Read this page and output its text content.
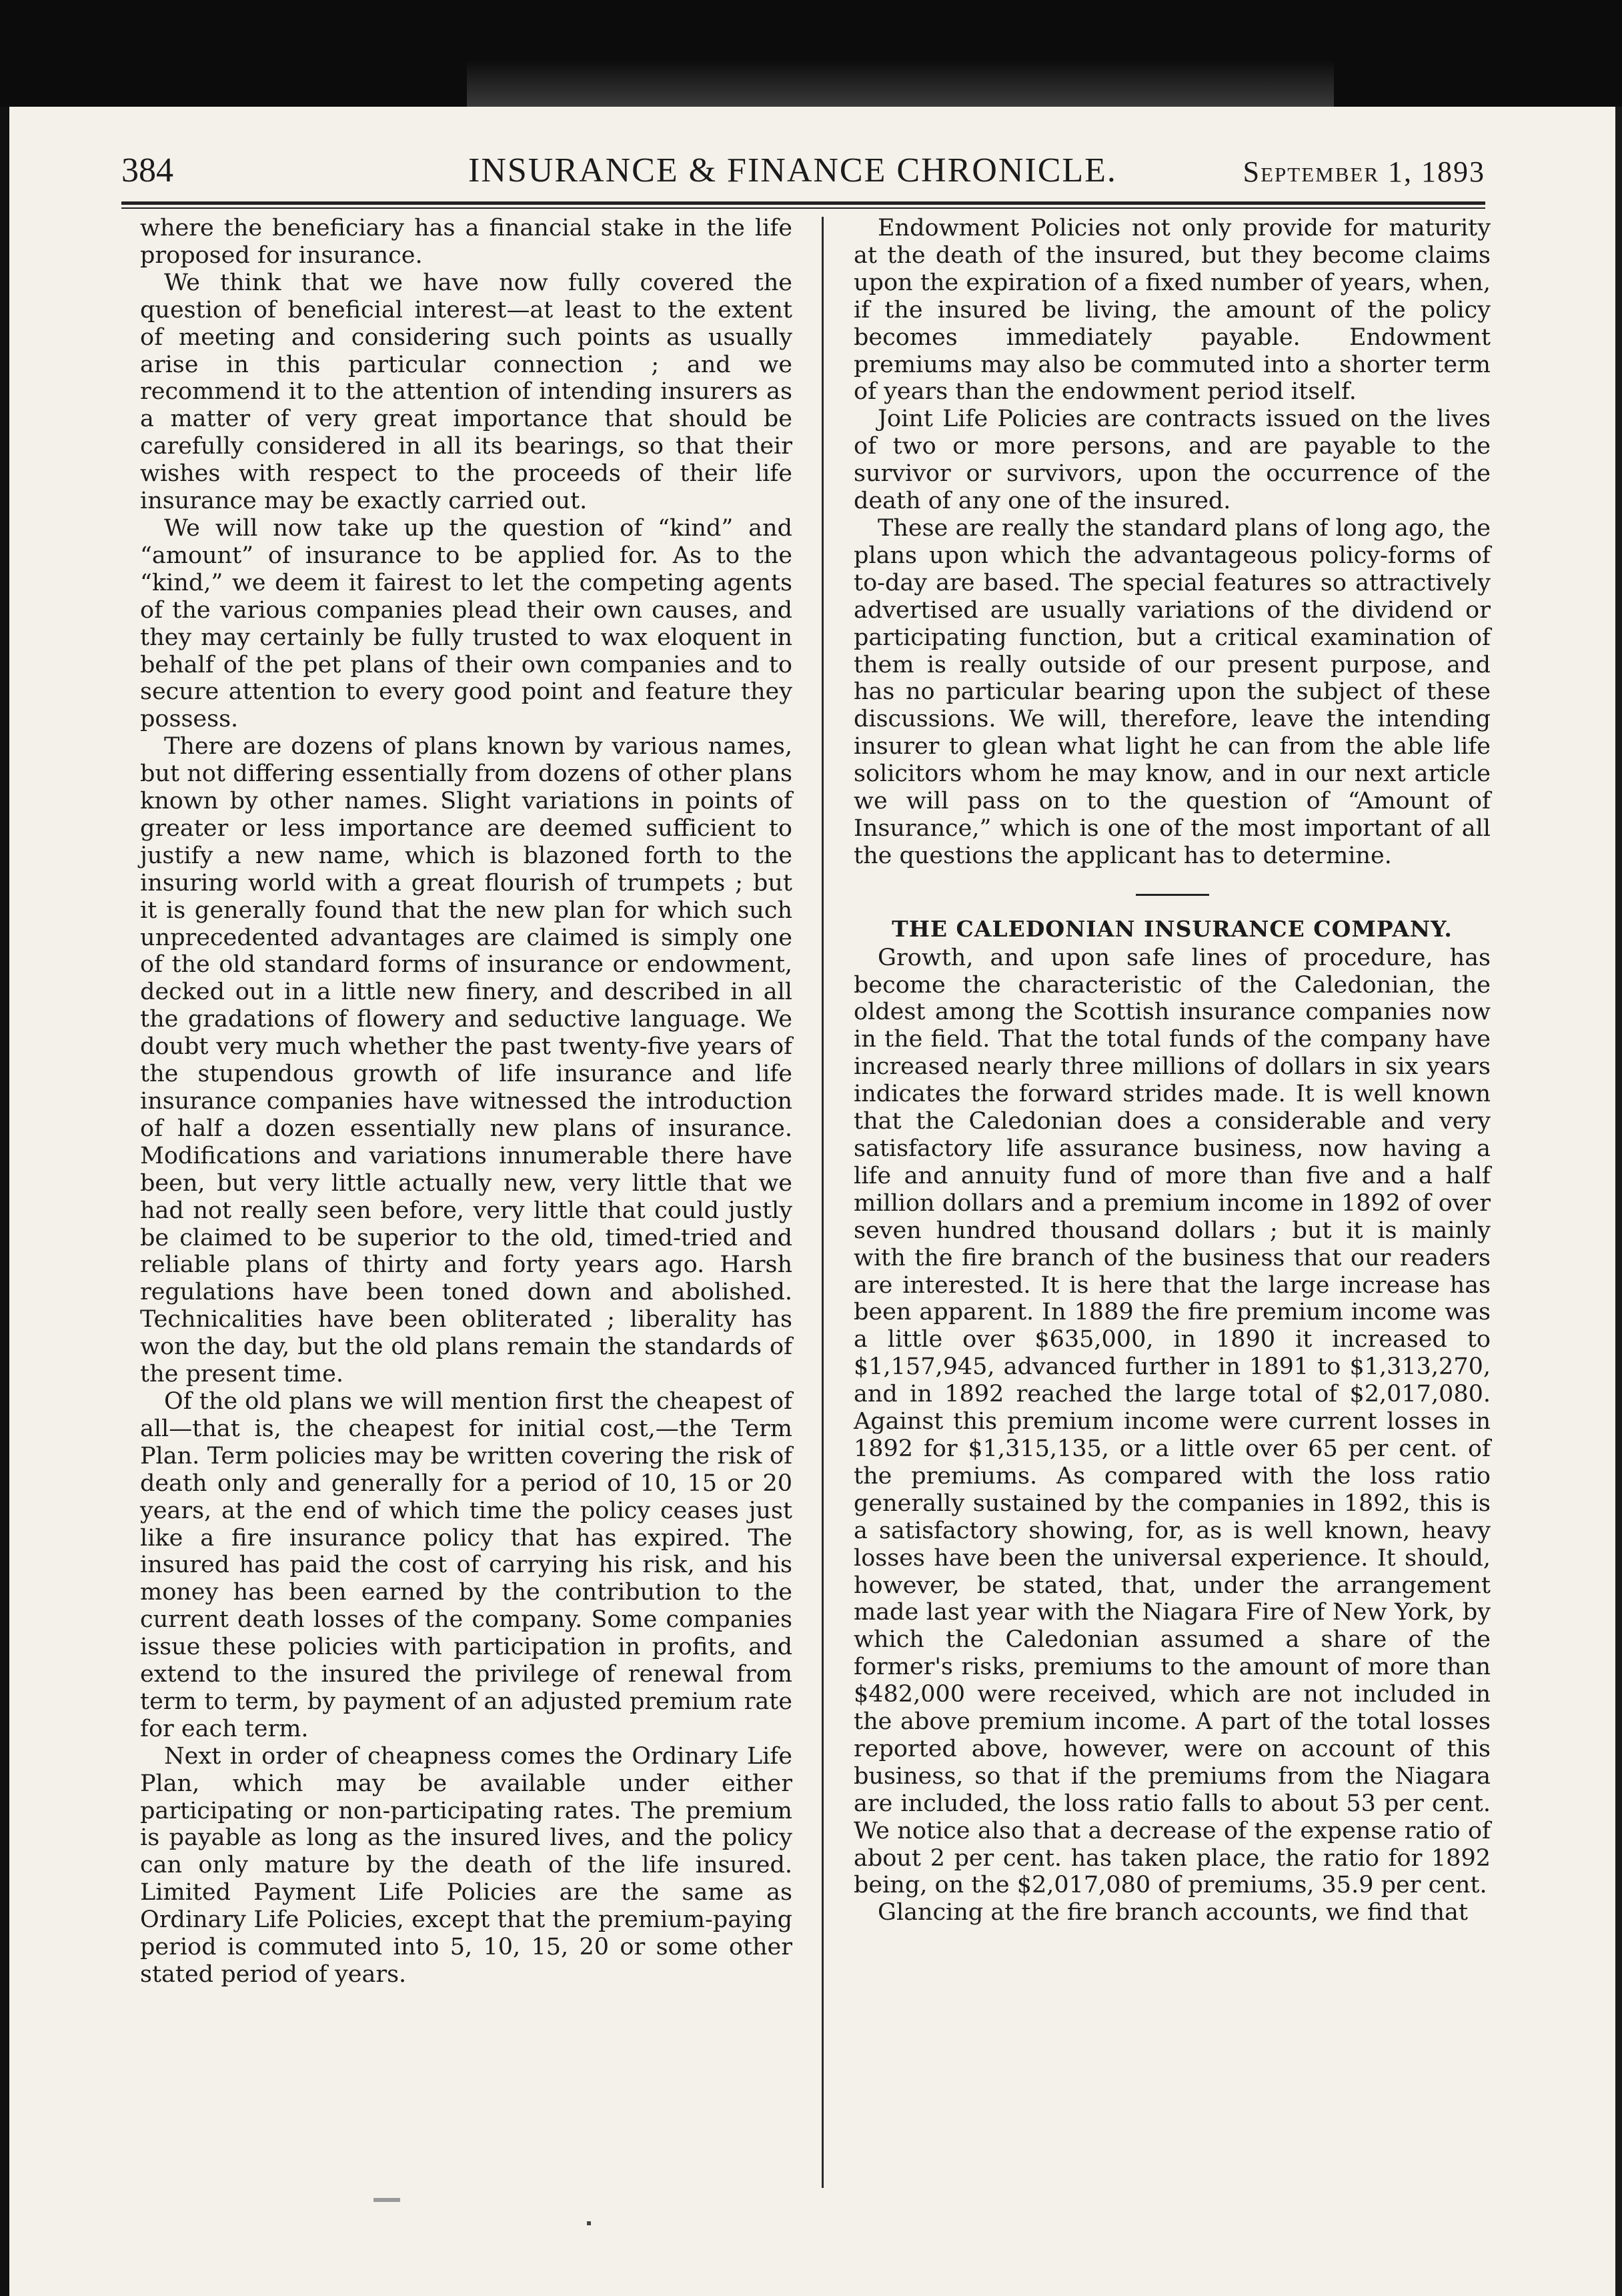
384	INSURANCE & FINANCE CHRONICLE.	September 1, 1893

where the beneficiary has a financial stake in the life proposed for insurance.

We think that we have now fully covered the question of beneficial interest—at least to the extent of meeting and considering such points as usually arise in this particular connection ; and we recommend it to the attention of intending insurers as a matter of very great importance that should be carefully considered in all its bearings, so that their wishes with respect to the proceeds of their life insurance may be exactly carried out.

We will now take up the question of “kind” and “amount” of insurance to be applied for. As to the “kind,” we deem it fairest to let the competing agents of the various companies plead their own causes, and they may certainly be fully trusted to wax eloquent in behalf of the pet plans of their own companies and to secure attention to every good point and feature they possess.

There are dozens of plans known by various names, but not differing essentially from dozens of other plans known by other names. Slight variations in points of greater or less importance are deemed sufficient to justify a new name, which is blazoned forth to the insuring world with a great flourish of trumpets ; but it is generally found that the new plan for which such unprecedented advantages are claimed is simply one of the old standard forms of insurance or endowment, decked out in a little new finery, and described in all the gradations of flowery and seductive language. We doubt very much whether the past twenty-five years of the stupendous growth of life insurance and life insurance companies have witnessed the introduction of half a dozen essentially new plans of insurance. Modifications and variations innumerable there have been, but very little actually new, very little that we had not really seen before, very little that could justly be claimed to be superior to the old, timed-tried and reliable plans of thirty and forty years ago. Harsh regulations have been toned down and abolished. Technicalities have been obliterated ; liberality has won the day, but the old plans remain the standards of the present time.

Of the old plans we will mention first the cheapest of all—that is, the cheapest for initial cost,—the Term Plan. Term policies may be written covering the risk of death only and generally for a period of 10, 15 or 20 years, at the end of which time the policy ceases just like a fire insurance policy that has expired. The insured has paid the cost of carrying his risk, and his money has been earned by the contribution to the current death losses of the company. Some companies issue these policies with participation in profits, and extend to the insured the privilege of renewal from term to term, by payment of an adjusted premium rate for each term.

Next in order of cheapness comes the Ordinary Life Plan, which may be available under either participating or non-participating rates. The premium is payable as long as the insured lives, and the policy can only mature by the death of the life insured. Limited Payment Life Policies are the same as Ordinary Life Policies, except that the premium-paying period is commuted into 5, 10, 15, 20 or some other stated period of years.

Endowment Policies not only provide for maturity at the death of the insured, but they become claims upon the expiration of a fixed number of years, when, if the insured be living, the amount of the policy becomes immediately payable. Endowment premiums may also be commuted into a shorter term of years than the endowment period itself.

Joint Life Policies are contracts issued on the lives of two or more persons, and are payable to the survivor or survivors, upon the occurrence of the death of any one of the insured.

These are really the standard plans of long ago, the plans upon which the advantageous policy-forms of to-day are based. The special features so attractively advertised are usually variations of the dividend or participating function, but a critical examination of them is really outside of our present purpose, and has no particular bearing upon the subject of these discussions. We will, therefore, leave the intending insurer to glean what light he can from the able life solicitors whom he may know, and in our next article we will pass on to the question of “Amount of Insurance,” which is one of the most important of all the questions the applicant has to determine.

THE CALEDONIAN INSURANCE COMPANY.

Growth, and upon safe lines of procedure, has become the characteristic of the Caledonian, the oldest among the Scottish insurance companies now in the field. That the total funds of the company have increased nearly three millions of dollars in six years indicates the forward strides made. It is well known that the Caledonian does a considerable and very satisfactory life assurance business, now having a life and annuity fund of more than five and a half million dollars and a premium income in 1892 of over seven hundred thousand dollars ; but it is mainly with the fire branch of the business that our readers are interested. It is here that the large increase has been apparent. In 1889 the fire premium income was a little over $635,000, in 1890 it increased to $1,157,945, advanced further in 1891 to $1,313,270, and in 1892 reached the large total of $2,017,080. Against this premium income were current losses in 1892 for $1,315,135, or a little over 65 per cent. of the premiums. As compared with the loss ratio generally sustained by the companies in 1892, this is a satisfactory showing, for, as is well known, heavy losses have been the universal experience. It should, however, be stated, that, under the arrangement made last year with the Niagara Fire of New York, by which the Caledonian assumed a share of the former's risks, premiums to the amount of more than $482,000 were received, which are not included in the above premium income. A part of the total losses reported above, however, were on account of this business, so that if the premiums from the Niagara are included, the loss ratio falls to about 53 per cent. We notice also that a decrease of the expense ratio of about 2 per cent. has taken place, the ratio for 1892 being, on the $2,017,080 of premiums, 35.9 per cent.

Glancing at the fire branch accounts, we find that
